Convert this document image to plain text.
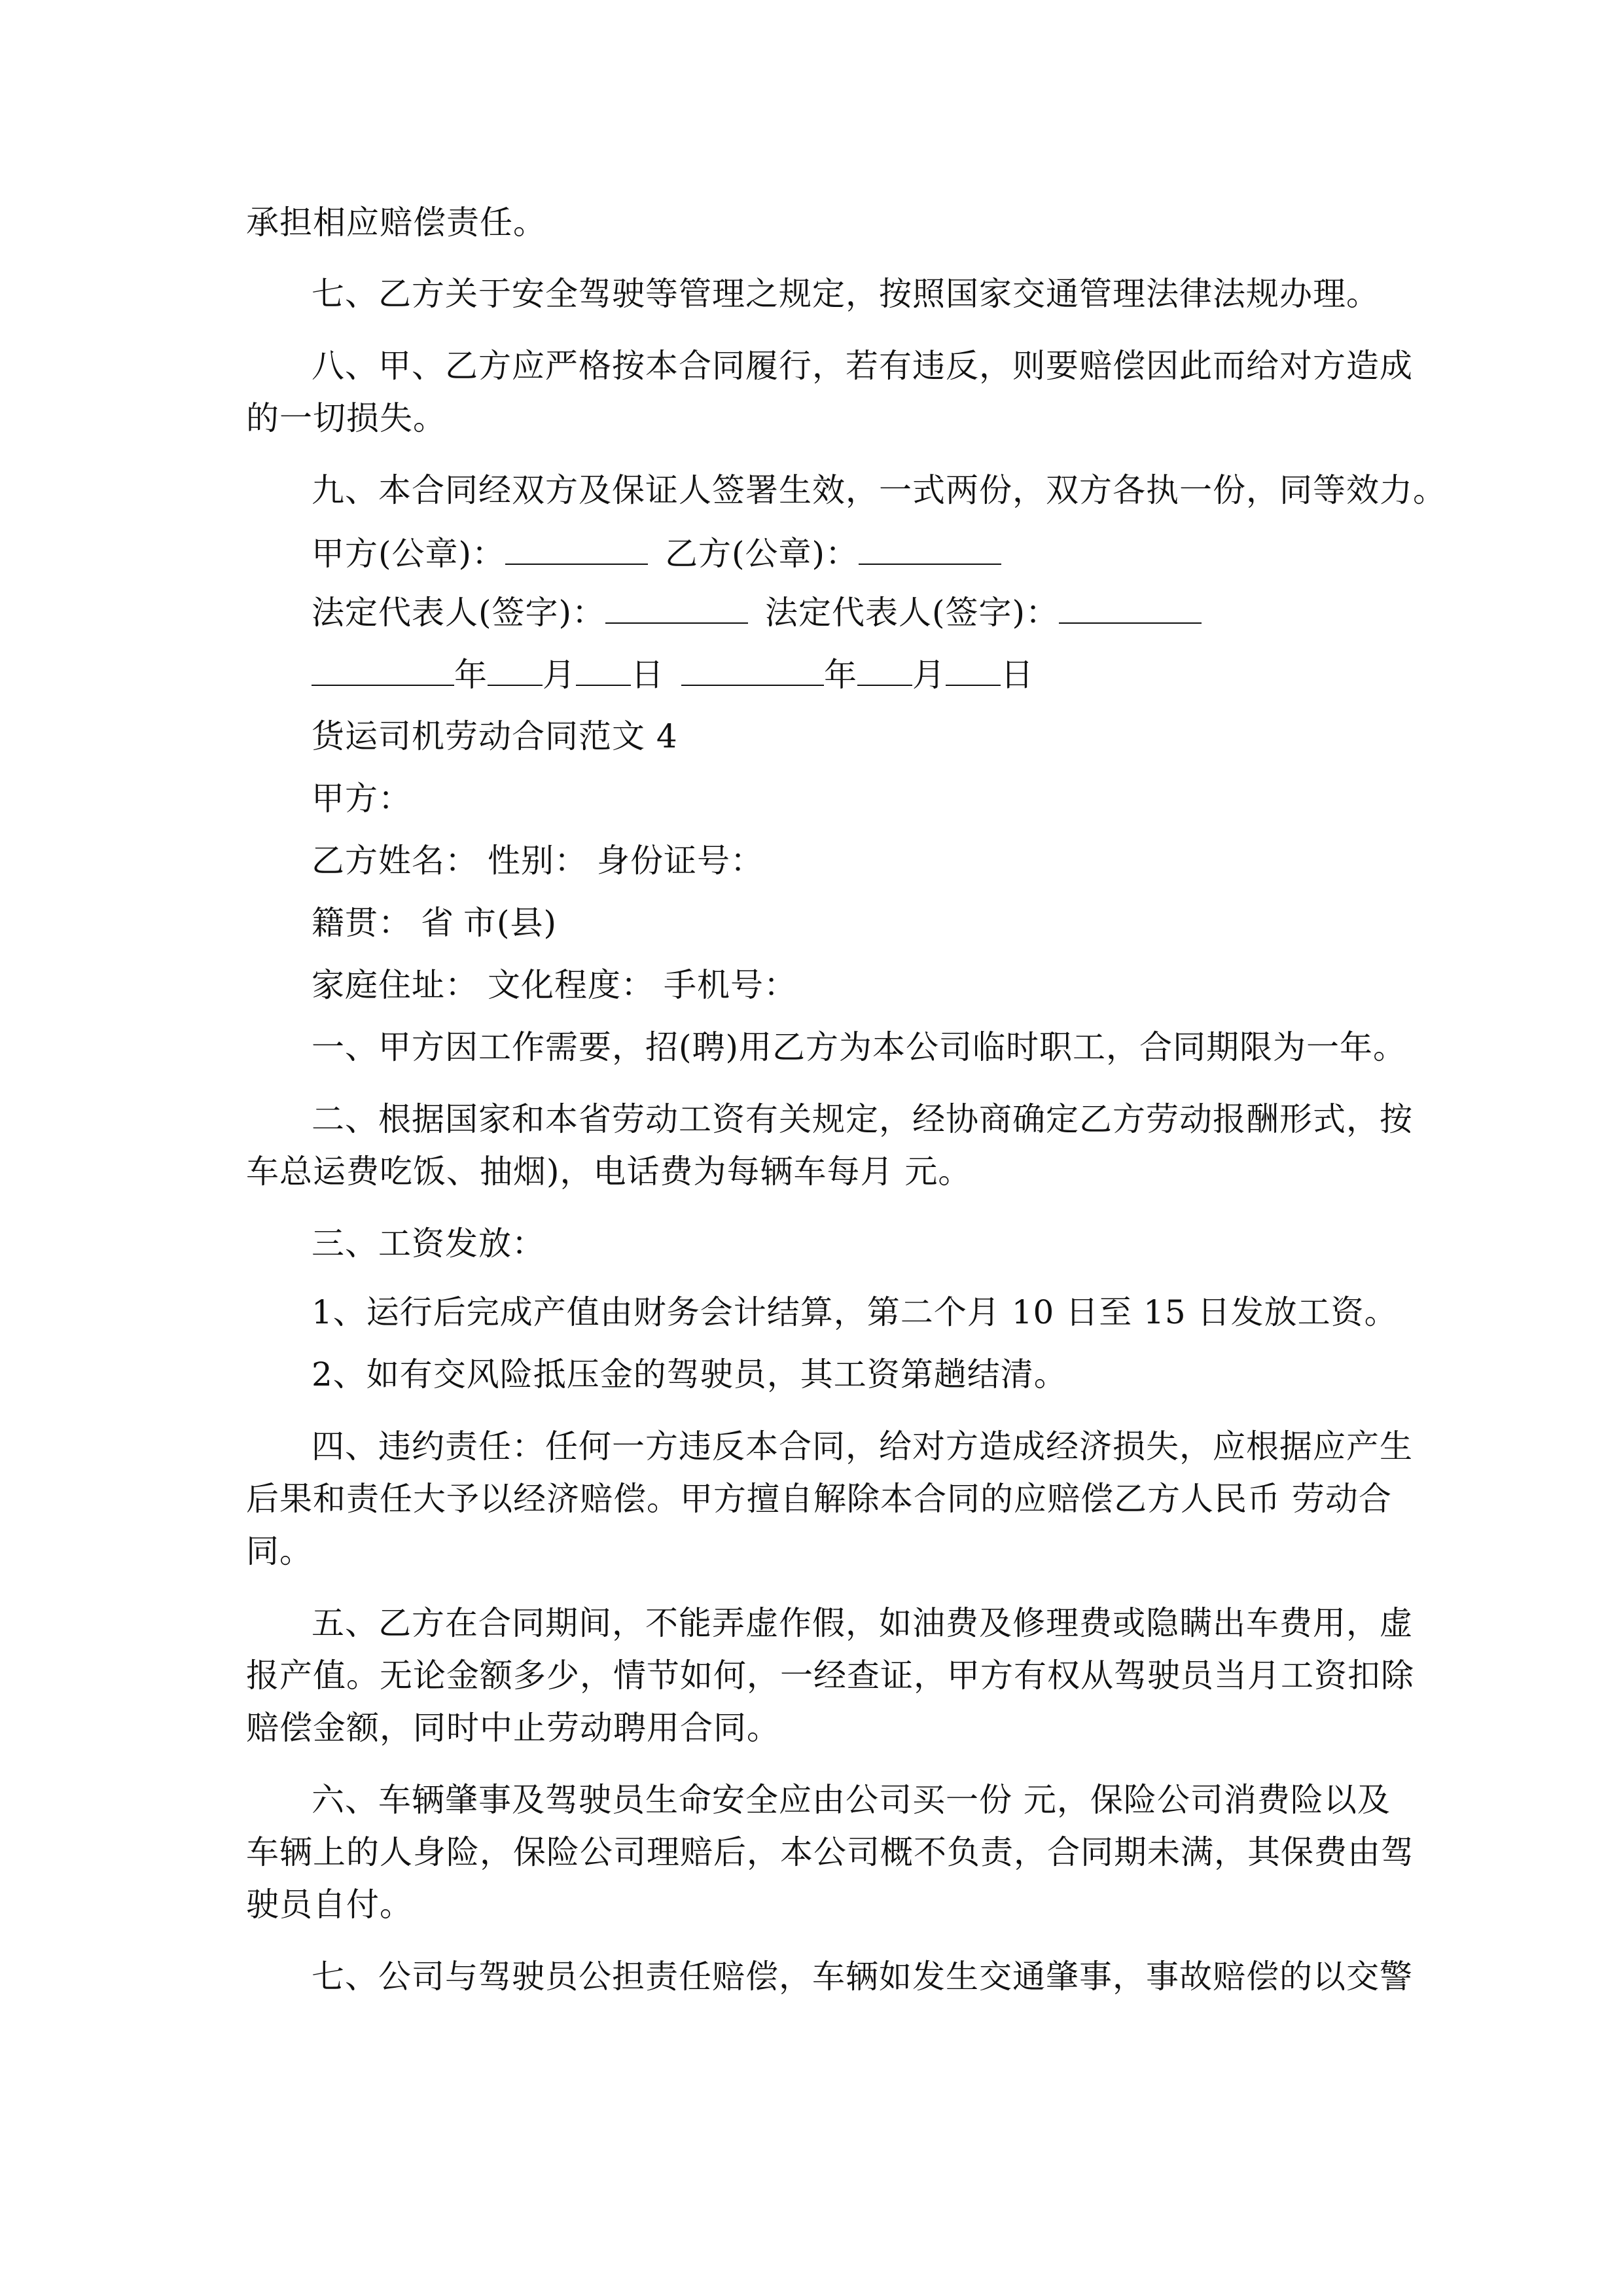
承担相应赔偿责任。
七、乙方关于安全驾驶等管理之规定，按照国家交通管理法律法规办理。
八、甲、乙方应严格按本合同履行，若有违反，则要赔偿因此而给对方造成
的一切损失。
九、本合同经双方及保证人签署生效，一式两份，双方各执一份，同等效力。
甲方(公章)：	乙方(公章)：
法定代表人(签字)：	法定代表人(签字)：
年 月 日	年 月 日
货运司机劳动合同范文 4
甲方：
乙方姓名： 性别： 身份证号：
籍贯： 省 市(县)
家庭住址： 文化程度： 手机号：
一、甲方因工作需要，招(聘)用乙方为本公司临时职工，合同期限为一年。
二、根据国家和本省劳动工资有关规定，经协商确定乙方劳动报酬形式，按
车总运费吃饭、抽烟)，电话费为每辆车每月 元。
三、工资发放：
1、运行后完成产值由财务会计结算，第二个月 10 日至 15 日发放工资。
2、如有交风险抵压金的驾驶员，其工资第趟结清。
四、违约责任：任何一方违反本合同，给对方造成经济损失，应根据应产生
后果和责任大予以经济赔偿。甲方擅自解除本合同的应赔偿乙方人民币 劳动合
同。
五、乙方在合同期间，不能弄虚作假，如油费及修理费或隐瞒出车费用，虚
报产值。无论金额多少，情节如何，一经查证，甲方有权从驾驶员当月工资扣除
赔偿金额，同时中止劳动聘用合同。
六、车辆肇事及驾驶员生命安全应由公司买一份 元，保险公司消费险以及
车辆上的人身险，保险公司理赔后，本公司概不负责，合同期未满，其保费由驾
驶员自付。
七、公司与驾驶员公担责任赔偿，车辆如发生交通肇事，事故赔偿的以交警
